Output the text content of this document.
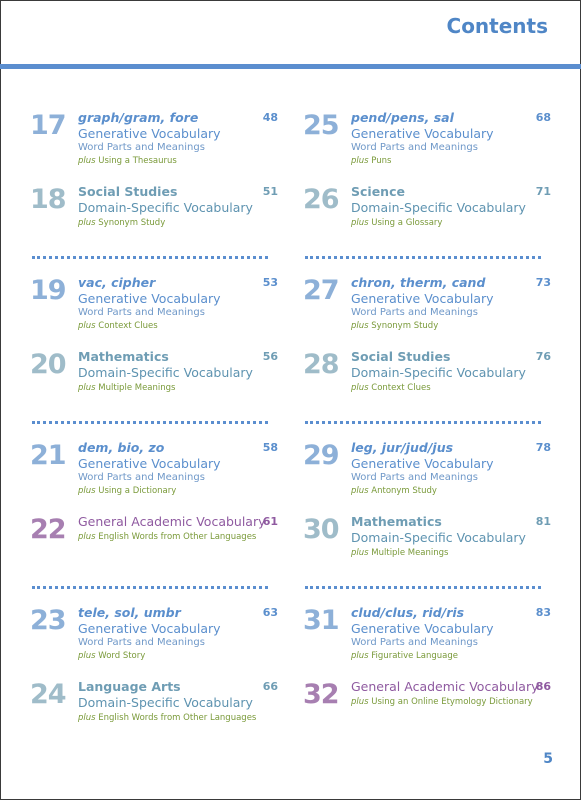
Contents
17 graph/gram, fore
Generative Vocabulary
Word Parts and Meanings
plus Using a Thesaurus
48
18 Social Studies
Domain-Specific Vocabulary
plus Synonym Study
51
19 vac, cipher
Generative Vocabulary
Word Parts and Meanings
plus Context Clues
53
20 Mathematics
Domain-Specific Vocabulary
plus Multiple Meanings
56
21 dem, bio, zo
Generative Vocabulary
Word Parts and Meanings
plus Using a Dictionary
58
22 General Academic Vocabulary
plus English Words from Other Languages
61
23 tele, sol, umbr
Generative Vocabulary
Word Parts and Meanings
plus Word Story
63
24 Language Arts
Domain-Specific Vocabulary
plus English Words from Other Languages
66
25 pend/pens, sal
Generative Vocabulary
Word Parts and Meanings
plus Puns
68
26 Science
Domain-Specific Vocabulary
plus Using a Glossary
71
27 chron, therm, cand
Generative Vocabulary
Word Parts and Meanings
plus Synonym Study
73
28 Social Studies
Domain-Specific Vocabulary
plus Context Clues
76
29 leg, jur/jud/jus
Generative Vocabulary
Word Parts and Meanings
plus Antonym Study
78
30 Mathematics
Domain-Specific Vocabulary
plus Multiple Meanings
81
31 clud/clus, rid/ris
Generative Vocabulary
Word Parts and Meanings
plus Figurative Language
83
32 General Academic Vocabulary
plus Using an Online Etymology Dictionary
86
5
